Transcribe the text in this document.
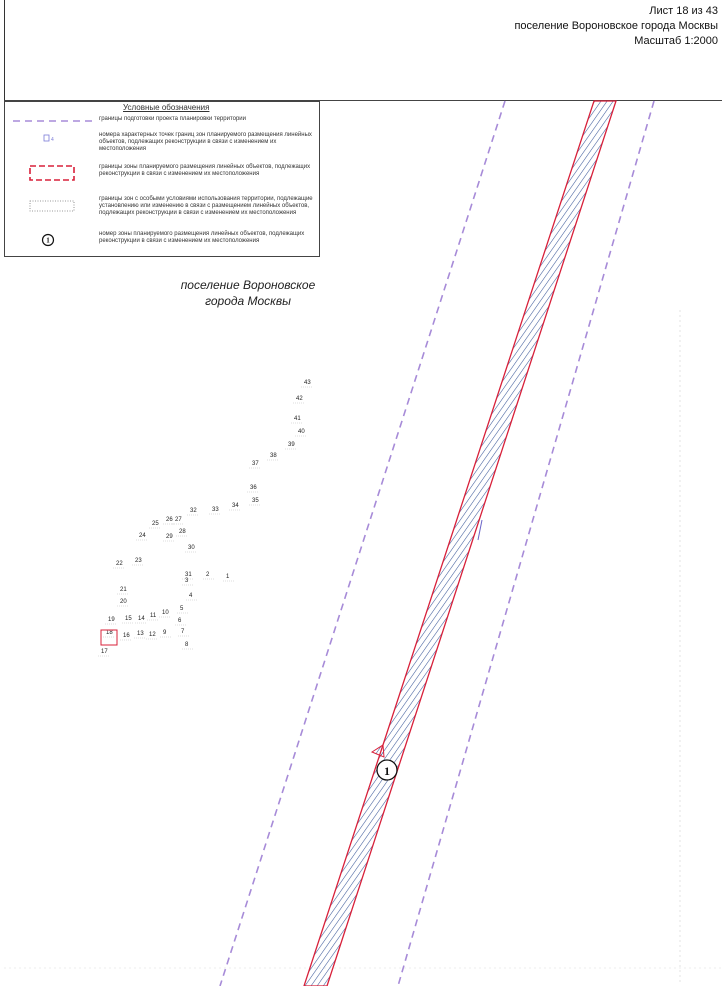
Лист 18 из 43
поселение Вороновское города Москвы
Масштаб 1:2000
1
1
2
3
4
5
6
7
8
9
10
11
12
13
14
15
16
17
18
19
20
21
22 23
24
25
26 27
28
29
30
31
32	33
34
35
36
37
38
39
40
41
42
43
Условные обозначения
границы подготовки проекта планировки территории
4
номера характерных точек границ зон планируемого размещения линейных объектов, подлежащих реконструкции в связи с изменением их местоположения
границы зоны планируемого размещения линейных объектов, подлежащих реконструкции в связи с изменением их местоположения
границы зон с особыми условиями использования территории, подлежащие установлению или изменению в связи с размещением линейных объектов, подлежащих реконструкции в связи с изменением их местоположения
1
номер зоны планируемого размещения линейных объектов, подлежащих реконструкции в связи с изменением их местоположения
поселение Вороновское
города Москвы
